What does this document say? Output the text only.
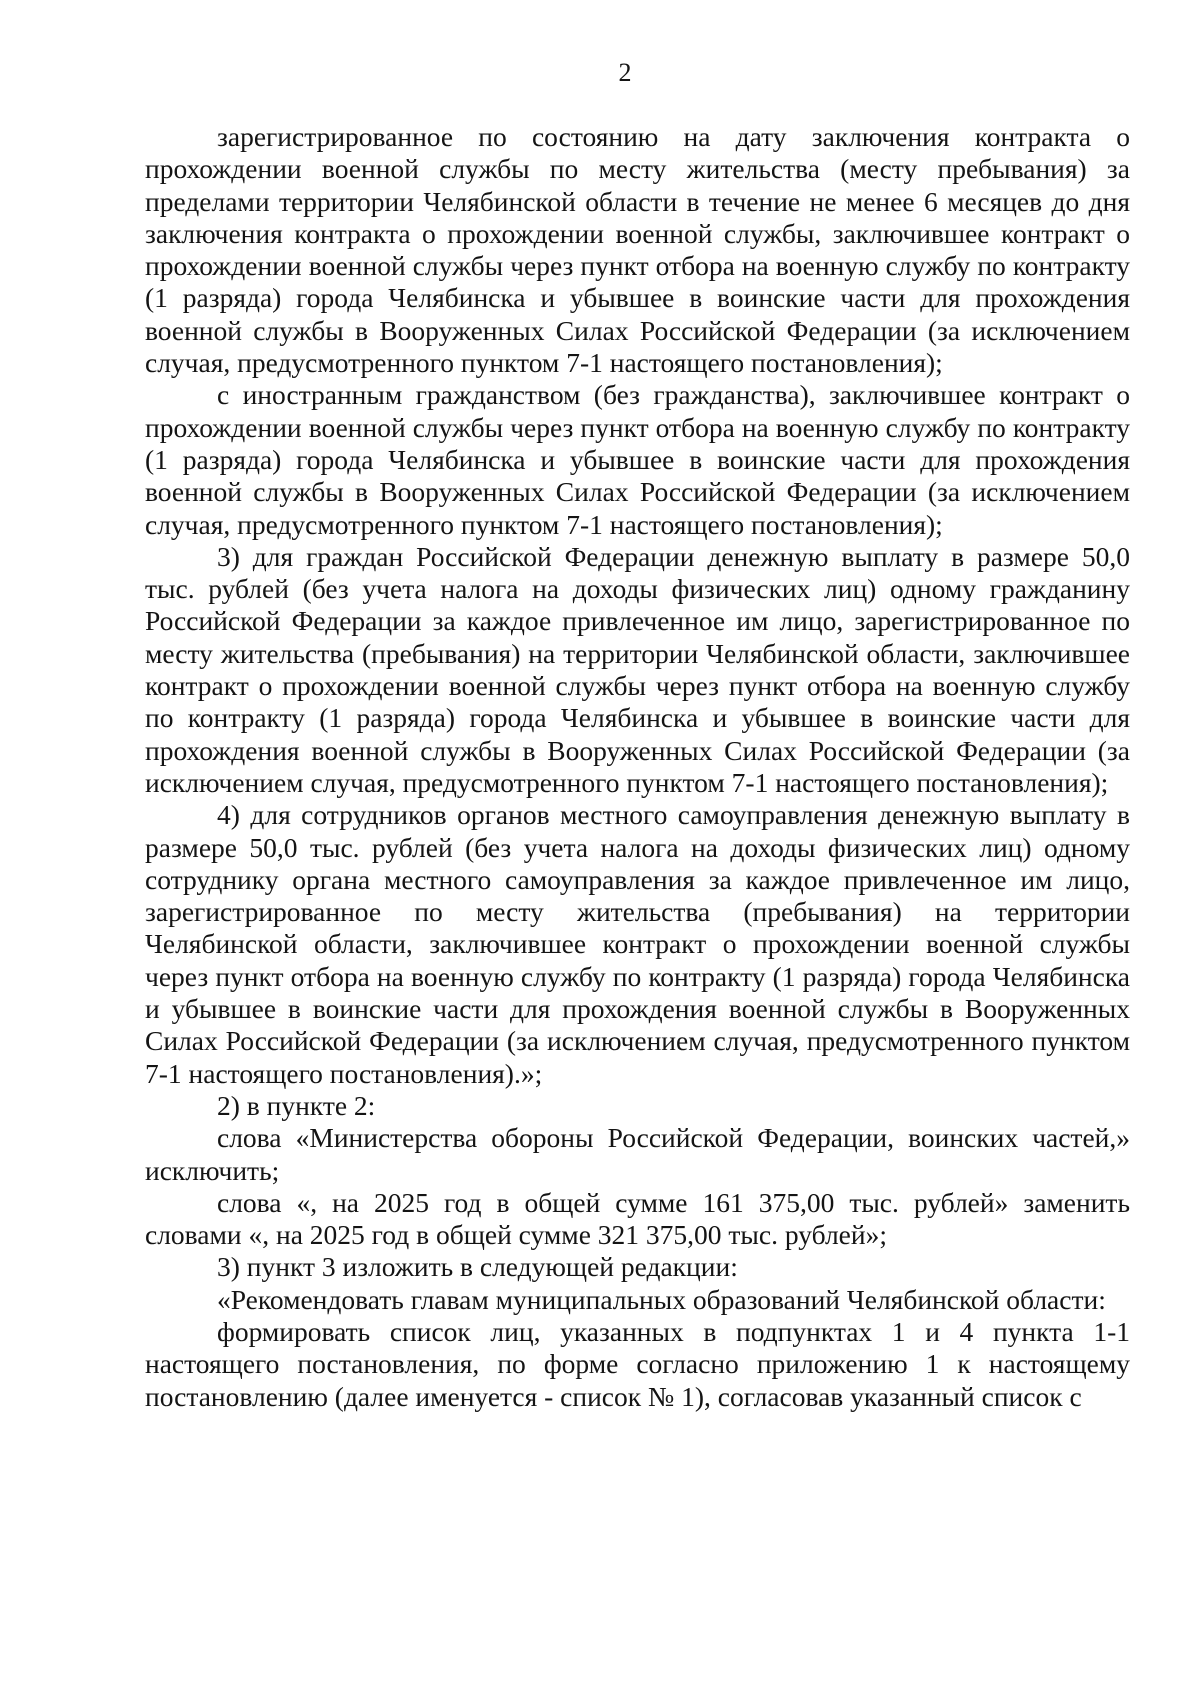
2

зарегистрированное по состоянию на дату заключения контракта о прохождении военной службы по месту жительства (месту пребывания) за пределами территории Челябинской области в течение не менее 6 месяцев до дня заключения контракта о прохождении военной службы, заключившее контракт о прохождении военной службы через пункт отбора на военную службу по контракту (1 разряда) города Челябинска и убывшее в воинские части для прохождения военной службы в Вооруженных Силах Российской Федерации (за исключением случая, предусмотренного пунктом 7-1 настоящего постановления);

с иностранным гражданством (без гражданства), заключившее контракт о прохождении военной службы через пункт отбора на военную службу по контракту (1 разряда) города Челябинска и убывшее в воинские части для прохождения военной службы в Вооруженных Силах Российской Федерации (за исключением случая, предусмотренного пунктом 7-1 настоящего постановления);

3) для граждан Российской Федерации денежную выплату в размере 50,0 тыс. рублей (без учета налога на доходы физических лиц) одному гражданину Российской Федерации за каждое привлеченное им лицо, зарегистрированное по месту жительства (пребывания) на территории Челябинской области, заключившее контракт о прохождении военной службы через пункт отбора на военную службу по контракту (1 разряда) города Челябинска и убывшее в воинские части для прохождения военной службы в Вооруженных Силах Российской Федерации (за исключением случая, предусмотренного пунктом 7-1 настоящего постановления);

4) для сотрудников органов местного самоуправления денежную выплату в размере 50,0 тыс. рублей (без учета налога на доходы физических лиц) одному сотруднику органа местного самоуправления за каждое привлеченное им лицо, зарегистрированное по месту жительства (пребывания) на территории Челябинской области, заключившее контракт о прохождении военной службы через пункт отбора на военную службу по контракту (1 разряда) города Челябинска и убывшее в воинские части для прохождения военной службы в Вооруженных Силах Российской Федерации (за исключением случая, предусмотренного пунктом 7-1 настоящего постановления).»;

2) в пункте 2:

слова «Министерства обороны Российской Федерации, воинских частей,» исключить;

слова «, на 2025 год в общей сумме 161 375,00 тыс. рублей» заменить словами «, на 2025 год в общей сумме 321 375,00 тыс. рублей»;

3) пункт 3 изложить в следующей редакции:

«Рекомендовать главам муниципальных образований Челябинской области:

формировать список лиц, указанных в подпунктах 1 и 4 пункта 1-1 настоящего постановления, по форме согласно приложению 1 к настоящему постановлению (далее именуется - список № 1), согласовав указанный список с
